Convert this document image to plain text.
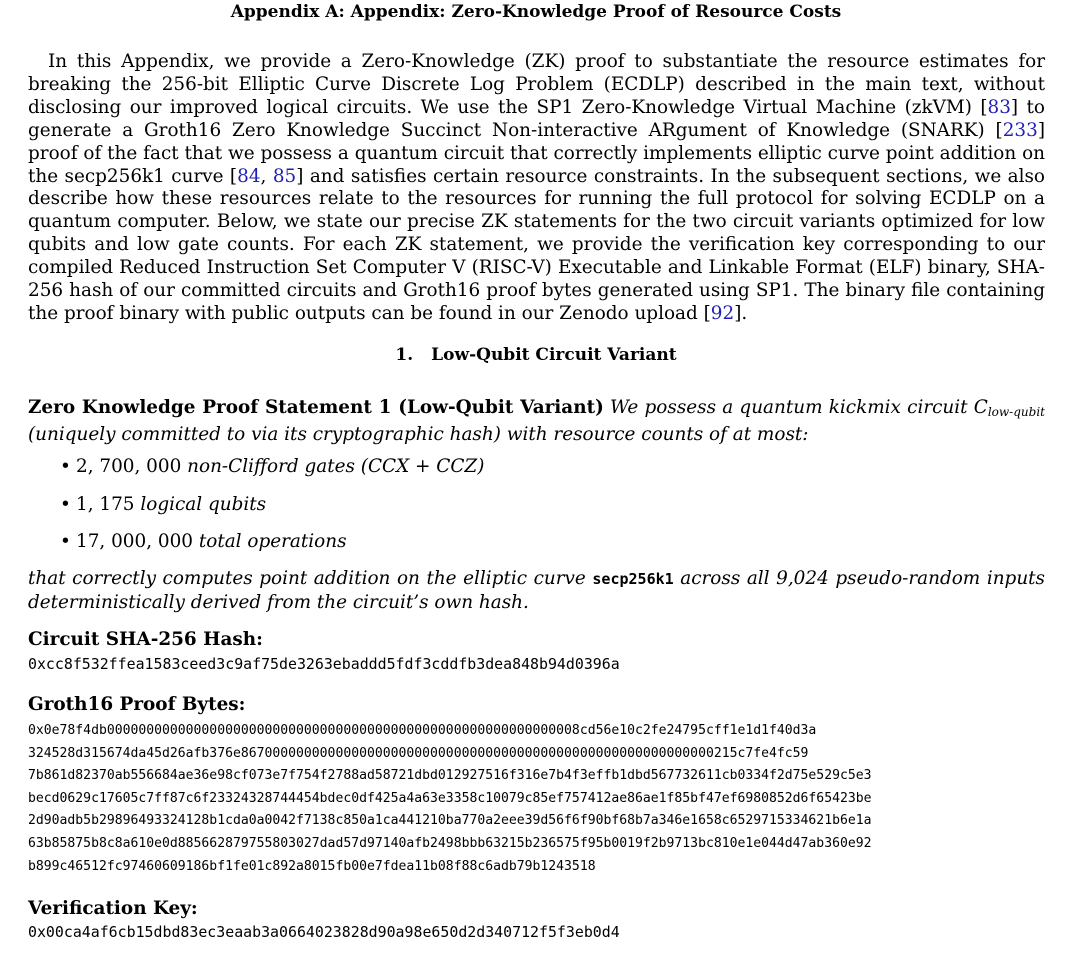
Appendix A: Appendix: Zero-Knowledge Proof of Resource Costs

In this Appendix, we provide a Zero-Knowledge (ZK) proof to substantiate the resource estimates for breaking the 256-bit Elliptic Curve Discrete Log Problem (ECDLP) described in the main text, without disclosing our improved logical circuits. We use the SP1 Zero-Knowledge Virtual Machine (zkVM) [83] to generate a Groth16 Zero Knowledge Succinct Non-interactive ARgument of Knowledge (SNARK) [233] proof of the fact that we possess a quantum circuit that correctly implements elliptic curve point addition on the secp256k1 curve [84, 85] and satisfies certain resource constraints. In the subsequent sections, we also describe how these resources relate to the resources for running the full protocol for solving ECDLP on a quantum computer. Below, we state our precise ZK statements for the two circuit variants optimized for low qubits and low gate counts. For each ZK statement, we provide the verification key corresponding to our compiled Reduced Instruction Set Computer V (RISC-V) Executable and Linkable Format (ELF) binary, SHA-256 hash of our committed circuits and Groth16 proof bytes generated using SP1. The binary file containing the proof binary with public outputs can be found in our Zenodo upload [92].

1. Low-Qubit Circuit Variant

Zero Knowledge Proof Statement 1 (Low-Qubit Variant) We possess a quantum kickmix circuit $C_{low-qubit}$ (uniquely committed to via its cryptographic hash) with resource counts of at most:

• 2, 700, 000 non-Clifford gates (CCX + CCZ)
• 1, 175 logical qubits
• 17, 000, 000 total operations

that correctly computes point addition on the elliptic curve secp256k1 across all 9,024 pseudo-random inputs deterministically derived from the circuit’s own hash.

Circuit SHA-256 Hash:
0xcc8f532ffea1583ceed3c9af75de3263ebaddd5fdf3cddfb3dea848b94d0396a
Groth16 Proof Bytes:
0x0e78f4db000000000000000000000000000000000000000000000000000000000008cd56e10c2fe24795cff1e1d1f40d3a
324528d315674da45d26afb376e867000000000000000000000000000000000000000000000000000000000215c7fe4fc59
7b861d82370ab556684ae36e98cf073e7f754f2788ad58721dbd012927516f316e7b4f3effb1dbd567732611cb0334f2d75e529c5e3
becd0629c17605c7ff87c6f23324328744454bdec0df425a4a63e3358c10079c85ef757412ae86ae1f85bf47ef6980852d6f65423be
2d90adb5b29896493324128b1cda0a0042f7138c850a1ca441210ba770a2eee39d56f6f90bf68b7a346e1658c6529715334621b6e1a
63b85875b8c8a610e0d885662879755803027dad57d97140afb2498bbb63215b236575f95b0019f2b9713bc810e1e044d47ab360e92
b899c46512fc97460609186bf1fe01c892a8015fb00e7fdea11b08f88c6adb79b1243518
Verification Key:
0x00ca4af6cb15dbd83ec3eaab3a0664023828d90a98e650d2d340712f5f3eb0d4
